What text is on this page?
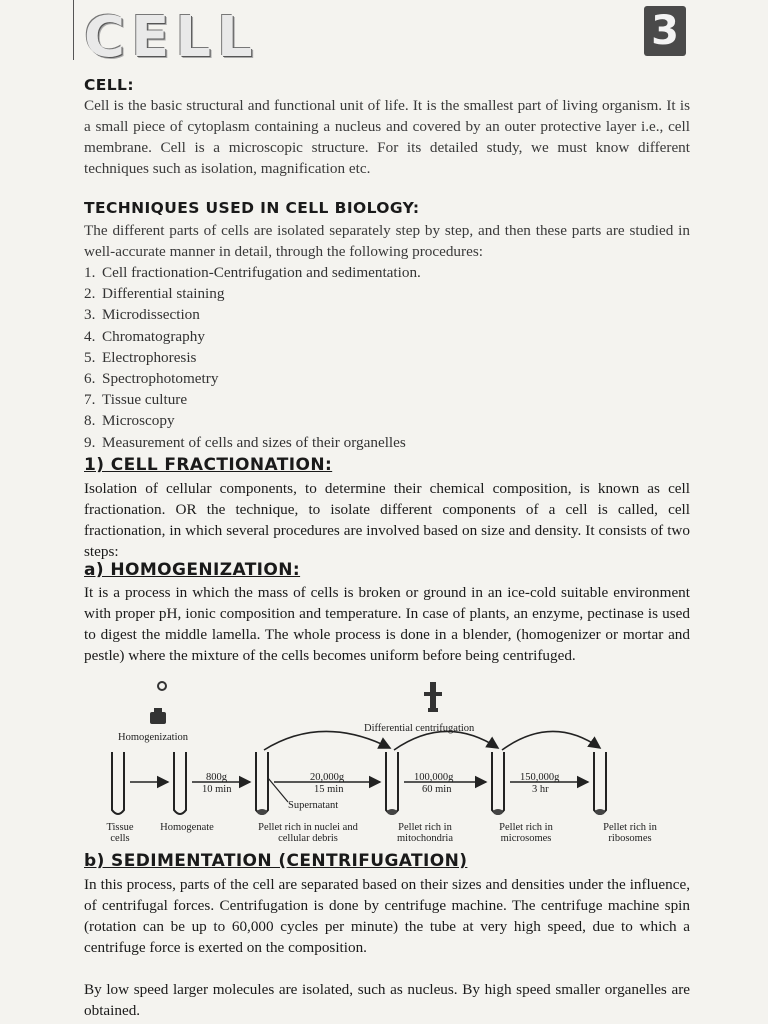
CELL	3
CELL:
Cell is the basic structural and functional unit of life. It is the smallest part of living organism. It is a small piece of cytoplasm containing a nucleus and covered by an outer protective layer i.e., cell membrane. Cell is a microscopic structure. For its detailed study, we must know different techniques such as isolation, magnification etc.
TECHNIQUES USED IN CELL BIOLOGY:
The different parts of cells are isolated separately step by step, and then these parts are studied in well-accurate manner in detail, through the following procedures:
1. Cell fractionation-Centrifugation and sedimentation.
2. Differential staining
3. Microdissection
4. Chromatography
5. Electrophoresis
6. Spectrophotometry
7. Tissue culture
8. Microscopy
9. Measurement of cells and sizes of their organelles
1) CELL FRACTIONATION:
Isolation of cellular components, to determine their chemical composition, is known as cell fractionation. OR the technique, to isolate different components of a cell is called, cell fractionation, in which several procedures are involved based on size and density. It consists of two steps:
a) HOMOGENIZATION:
It is a process in which the mass of cells is broken or ground in an ice-cold suitable environment with proper pH, ionic composition and temperature. In case of plants, an enzyme, pectinase is used to digest the middle lamella. The whole process is done in a blender, (homogenizer or mortar and pestle) where the mixture of the cells becomes uniform before being centrifuged.
Homogenization
Differential centrifugation
800g
10 min
20,000g
15 min
100,000g
60 min
150,000g
3 hr
Supernatant
Tissue cells
Homogenate	Pellet rich in nuclei and cellular debris
Pellet rich in mitochondria
Pellet rich in microsomes
Pellet rich in ribosomes
b) SEDIMENTATION (CENTRIFUGATION)
In this process, parts of the cell are separated based on their sizes and densities under the influence, of centrifugal forces. Centrifugation is done by centrifuge machine. The centrifuge machine spin (rotation can be up to 60,000 cycles per minute) the tube at very high speed, due to which a centrifuge force is exerted on the composition.
By low speed larger molecules are isolated, such as nucleus. By high speed smaller organelles are obtained.
